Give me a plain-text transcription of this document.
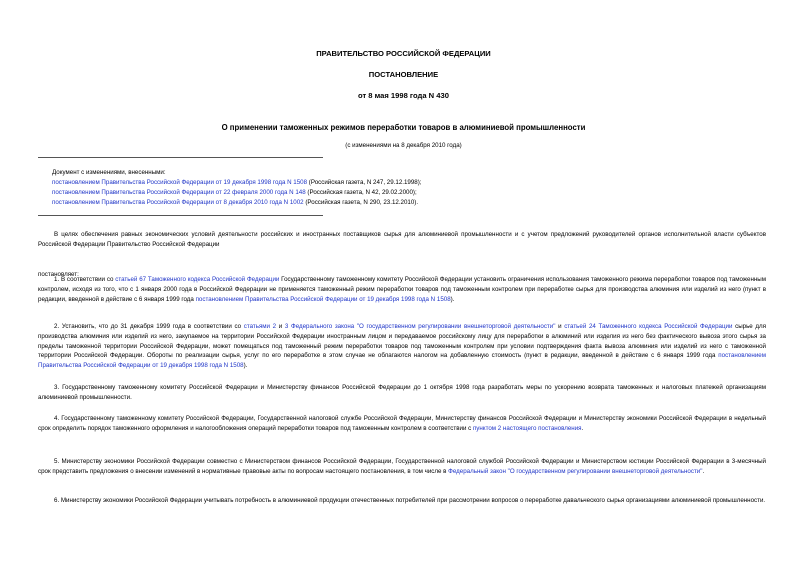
ПРАВИТЕЛЬСТВО РОССИЙСКОЙ ФЕДЕРАЦИИ
ПОСТАНОВЛЕНИЕ
от 8 мая 1998 года N 430
О применении таможенных режимов переработки товаров в алюминиевой промышленности
(с изменениями на 8 декабря 2010 года)
Документ с изменениями, внесенными:
постановлением Правительства Российской Федерации от 19 декабря 1998 года N 1508 (Российская газета, N 247, 29.12.1998);
постановлением Правительства Российской Федерации от 22 февраля 2000 года N 148 (Российская газета, N 42, 29.02.2000);
постановлением Правительства Российской Федерации от 8 декабря 2010 года N 1002 (Российская газета, N 290, 23.12.2010).

В целях обеспечения равных экономических условий деятельности российских и иностранных поставщиков сырья для алюминиевой промышленности и с учетом предложений руководителей органов исполнительной власти субъектов Российской Федерации Правительство Российской Федерации

постановляет:

1. В соответствии со статьей 67 Таможенного кодекса Российской Федерации Государственному таможенному комитету Российской Федерации установить ограничения использования таможенного режима переработки товаров под таможенным контролем, исходя из того, что с 1 января 2000 года в Российской Федерации не применяется таможенный режим переработки товаров под таможенным контролем при переработке сырья для производства алюминия или изделий из него (пункт в редакции, введенной в действие с 6 января 1999 года постановлением Правительства Российской Федерации от 19 декабря 1998 года N 1508).

2. Установить, что до 31 декабря 1999 года в соответствии со статьями 2 и 3 Федерального закона "О государственном регулировании внешнеторговой деятельности" и статьей 24 Таможенного кодекса Российской Федерации сырье для производства алюминия или изделий из него, закупаемое на территории Российской Федерации иностранным лицом и передаваемое российскому лицу для переработки в алюминий или изделия из него без фактического вывоза этого сырья за пределы таможенной территории Российской Федерации, может помещаться под таможенный режим переработки товаров под таможенным контролем при условии подтверждения факта вывоза алюминия или изделий из него с таможенной территории Российской Федерации. Обороты по реализации сырья, услуг по его переработке в этом случае не облагаются налогом на добавленную стоимость (пункт в редакции, введенной в действие с 6 января 1999 года постановлением Правительства Российской Федерации от 19 декабря 1998 года N 1508).

3. Государственному таможенному комитету Российской Федерации и Министерству финансов Российской Федерации до 1 октября 1998 года разработать меры по ускорению возврата таможенных и налоговых платежей организациям алюминиевой промышленности.

4. Государственному таможенному комитету Российской Федерации, Государственной налоговой службе Российской Федерации, Министерству финансов Российской Федерации и Министерству экономики Российской Федерации в недельный срок определить порядок таможенного оформления и налогообложения операций переработки товаров под таможенным контролем в соответствии с пунктом 2 настоящего постановления.

5. Министерству экономики Российской Федерации совместно с Министерством финансов Российской Федерации, Государственной налоговой службой Российской Федерации и Министерством юстиции Российской Федерации в 3-месячный срок представить предложения о внесении изменений в нормативные правовые акты по вопросам настоящего постановления, в том числе в Федеральный закон "О государственном регулировании внешнеторговой деятельности".

6. Министерству экономики Российской Федерации учитывать потребность в алюминиевой продукции отечественных потребителей при рассмотрении вопросов о переработке давальческого сырья организациями алюминиевой промышленности.
